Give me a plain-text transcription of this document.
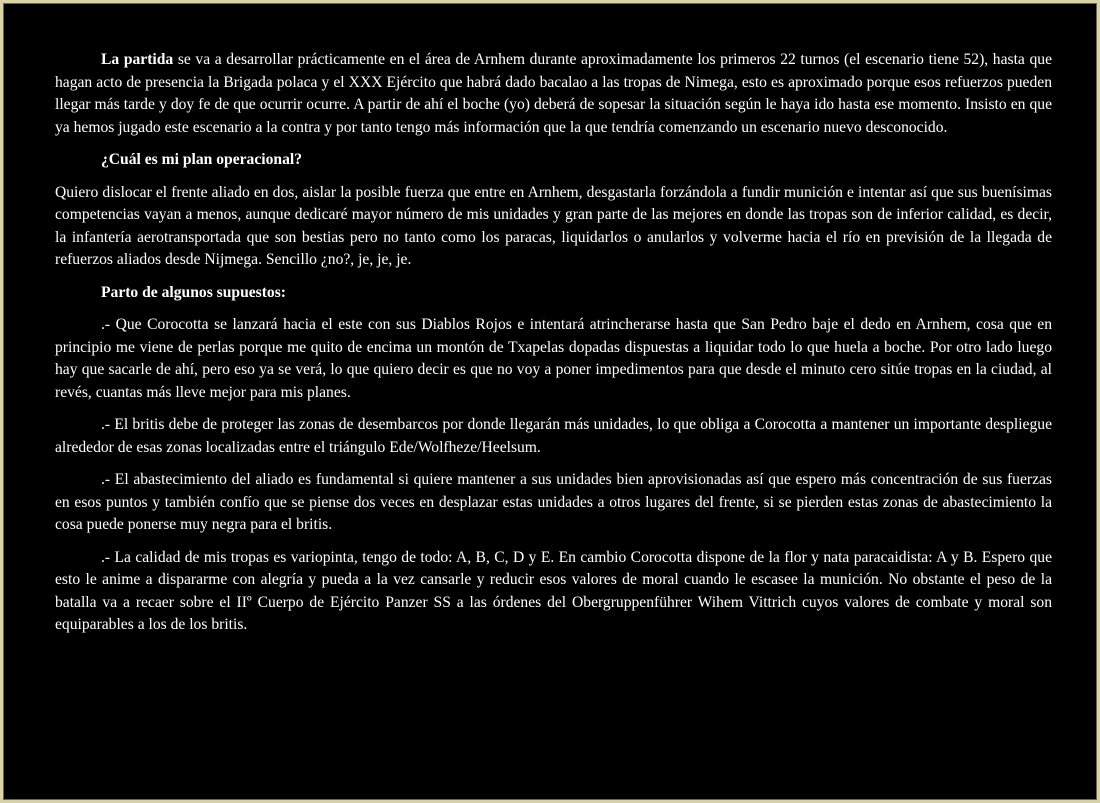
La partida se va a desarrollar prácticamente en el área de Arnhem durante aproximadamente los primeros 22 turnos (el escenario tiene 52), hasta que hagan acto de presencia la Brigada polaca y el XXX Ejército que habrá dado bacalao a las tropas de Nimega, esto es aproximado porque esos refuerzos pueden llegar más tarde y doy fe de que ocurrir ocurre. A partir de ahí el boche (yo) deberá de sopesar la situación según le haya ido hasta ese momento. Insisto en que ya hemos jugado este escenario a la contra y por tanto tengo más información que la que tendría comenzando un escenario nuevo desconocido.

¿Cuál es mi plan operacional?

Quiero dislocar el frente aliado en dos, aislar la posible fuerza que entre en Arnhem, desgastarla forzándola a fundir munición e intentar así que sus buenísimas competencias vayan a menos, aunque dedicaré mayor número de mis unidades y gran parte de las mejores en donde las tropas son de inferior calidad, es decir, la infantería aerotransportada que son bestias pero no tanto como los paracas, liquidarlos o anularlos y volverme hacia el río en previsión de la llegada de refuerzos aliados desde Nijmega. Sencillo ¿no?, je, je, je.

Parto de algunos supuestos:

.- Que Corocotta se lanzará hacia el este con sus Diablos Rojos e intentará atrincherarse hasta que San Pedro baje el dedo en Arnhem, cosa que en principio me viene de perlas porque me quito de encima un montón de Txapelas dopadas dispuestas a liquidar todo lo que huela a boche. Por otro lado luego hay que sacarle de ahí, pero eso ya se verá, lo que quiero decir es que no voy a poner impedimentos para que desde el minuto cero sitúe tropas en la ciudad, al revés, cuantas más lleve mejor para mis planes.

.- El britis debe de proteger las zonas de desembarcos por donde llegarán más unidades, lo que obliga a Corocotta a mantener un importante despliegue alrededor de esas zonas localizadas entre el triángulo Ede/Wolfheze/Heelsum.

.- El abastecimiento del aliado es fundamental si quiere mantener a sus unidades bien aprovisionadas así que espero más concentración de sus fuerzas en esos puntos y también confío que se piense dos veces en desplazar estas unidades a otros lugares del frente, si se pierden estas zonas de abastecimiento la cosa puede ponerse muy negra para el britis.

.- La calidad de mis tropas es variopinta, tengo de todo: A, B, C, D y E. En cambio Corocotta dispone de la flor y nata paracaidista: A y B. Espero que esto le anime a dispararme con alegría y pueda a la vez cansarle y reducir esos valores de moral cuando le escasee la munición. No obstante el peso de la batalla va a recaer sobre el IIº Cuerpo de Ejército Panzer SS a las órdenes del Obergruppenführer Wihem Vittrich cuyos valores de combate y moral son equiparables a los de los britis.
